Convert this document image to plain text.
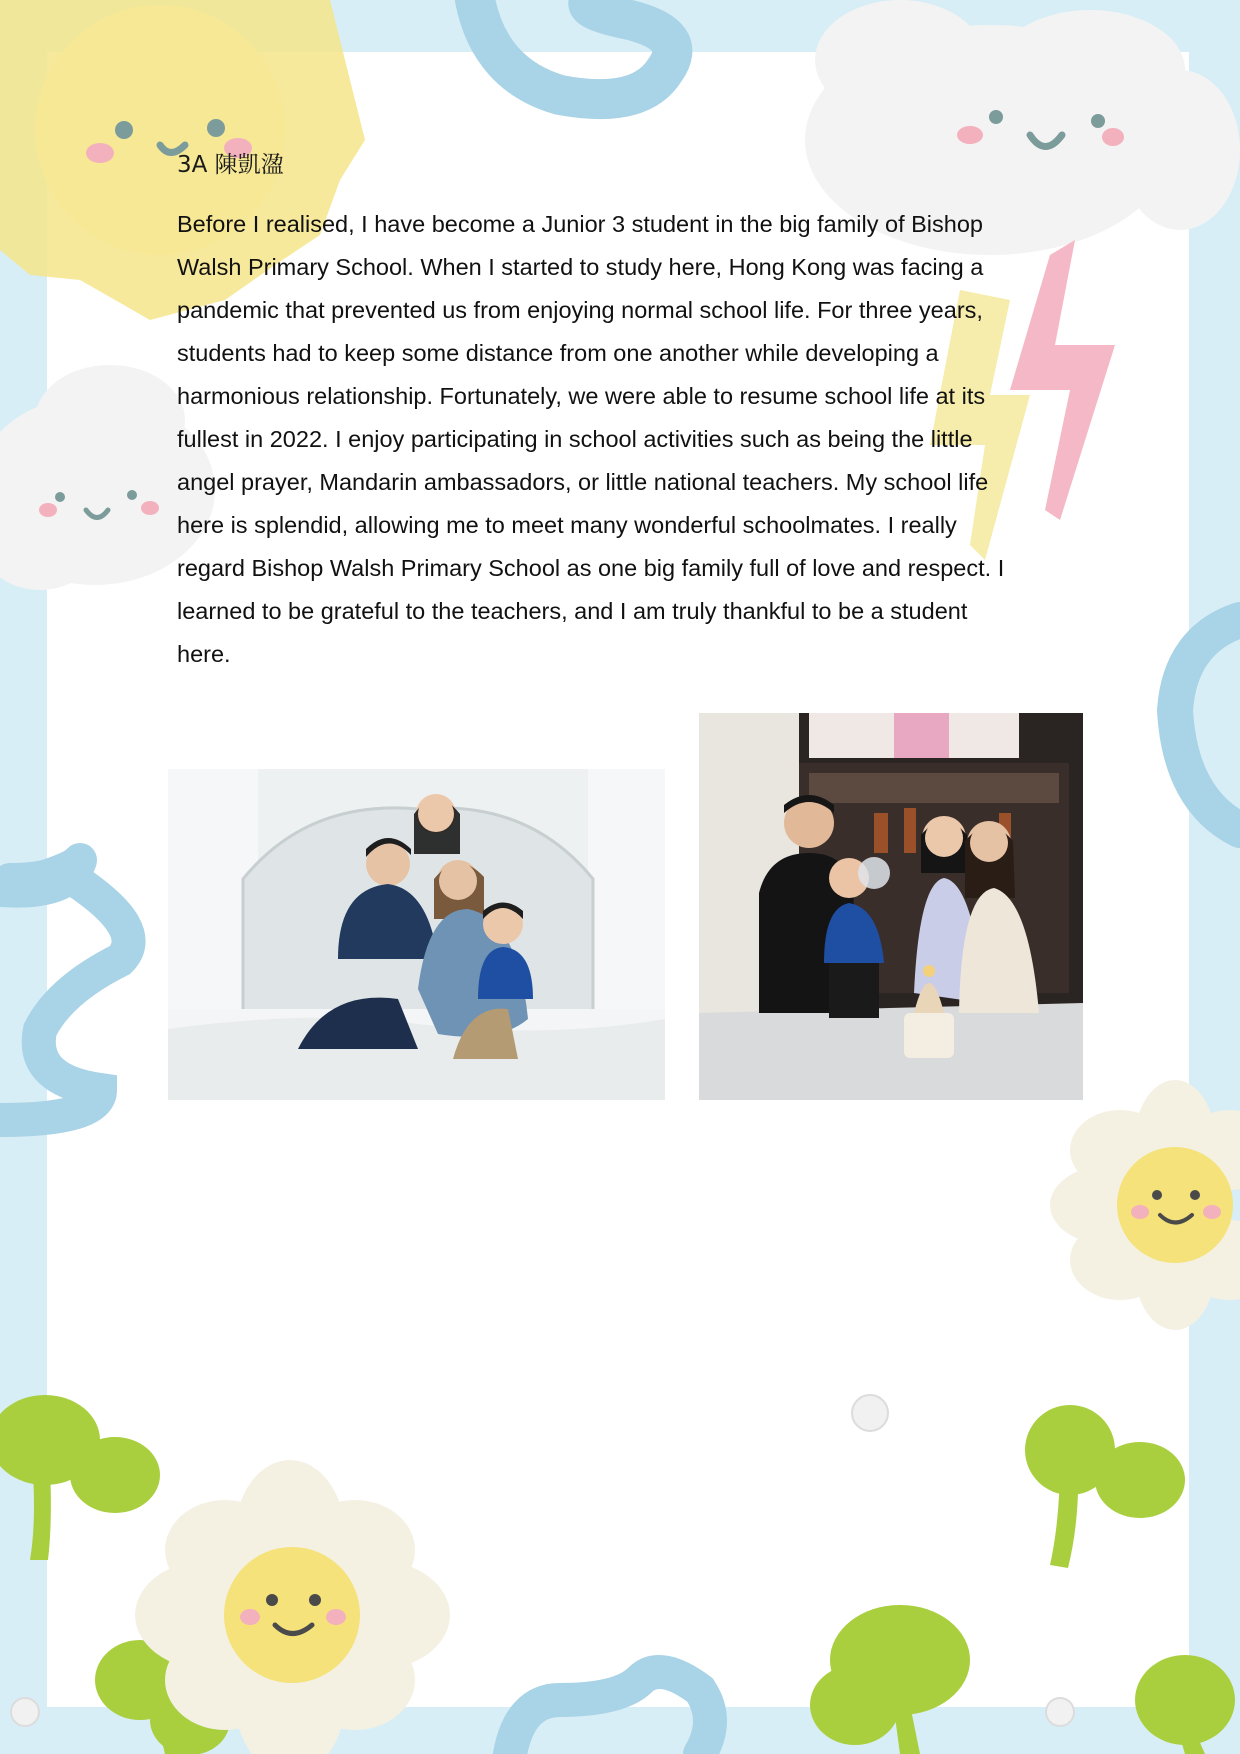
3A 陳凱溋
Before I realised, I have become a Junior 3 student in the big family of Bishop
Walsh Primary School. When I started to study here, Hong Kong was facing a
pandemic that prevented us from enjoying normal school life. For three years,
students had to keep some distance from one another while developing a
harmonious relationship. Fortunately, we were able to resume school life at its
fullest in 2022. I enjoy participating in school activities such as being the little
angel prayer, Mandarin ambassadors, or little national teachers. My school life
here is splendid, allowing me to meet many wonderful schoolmates. I really
regard Bishop Walsh Primary School as one big family full of love and respect. I
learned to be grateful to the teachers, and I am truly thankful to be a student
here.
